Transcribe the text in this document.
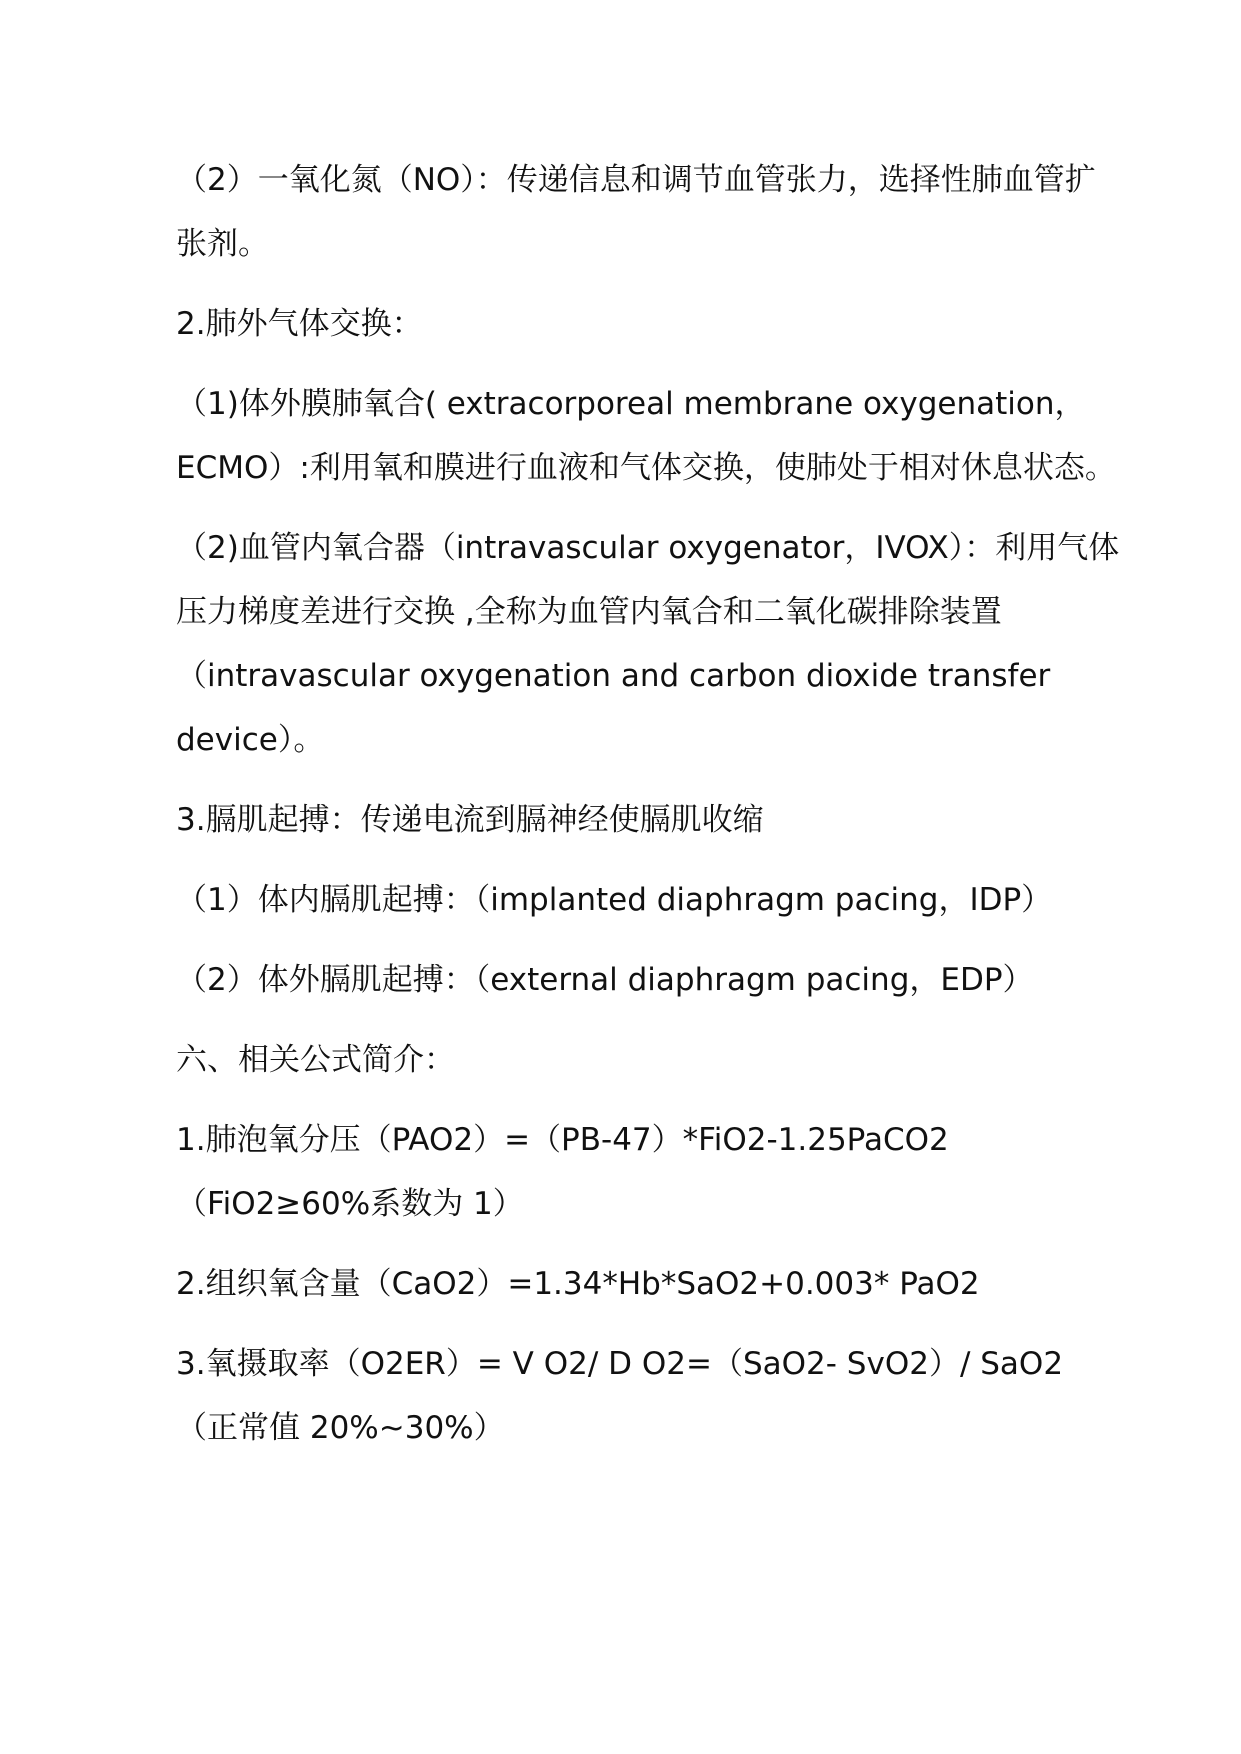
（2）一氧化氮（NO）：传递信息和调节血管张力，选择性肺血管扩张剂。

2.肺外气体交换：

（1)体外膜肺氧合( extracorporeal membrane oxygenation，ECMO）:利用氧和膜进行血液和气体交换，使肺处于相对休息状态。

（2)血管内氧合器（intravascular oxygenator，IVOX）：利用气体压力梯度差进行交换 ,全称为血管内氧合和二氧化碳排除装置（intravascular oxygenation and carbon dioxide transfer device）。

3.膈肌起搏：传递电流到膈神经使膈肌收缩

（1）体内膈肌起搏：（implanted diaphragm pacing，IDP）

（2）体外膈肌起搏：（external diaphragm pacing，EDP）

六、相关公式简介：

1.肺泡氧分压（PAO2）=（PB-47）*FiO2-1.25PaCO2（FiO2≥60%系数为 1）

2.组织氧含量（CaO2）=1.34*Hb*SaO2+0.003* PaO2

3.氧摄取率（O2ER）= V O2/ D O2=（SaO2- SvO2）/ SaO2（正常值 20%~30%）
